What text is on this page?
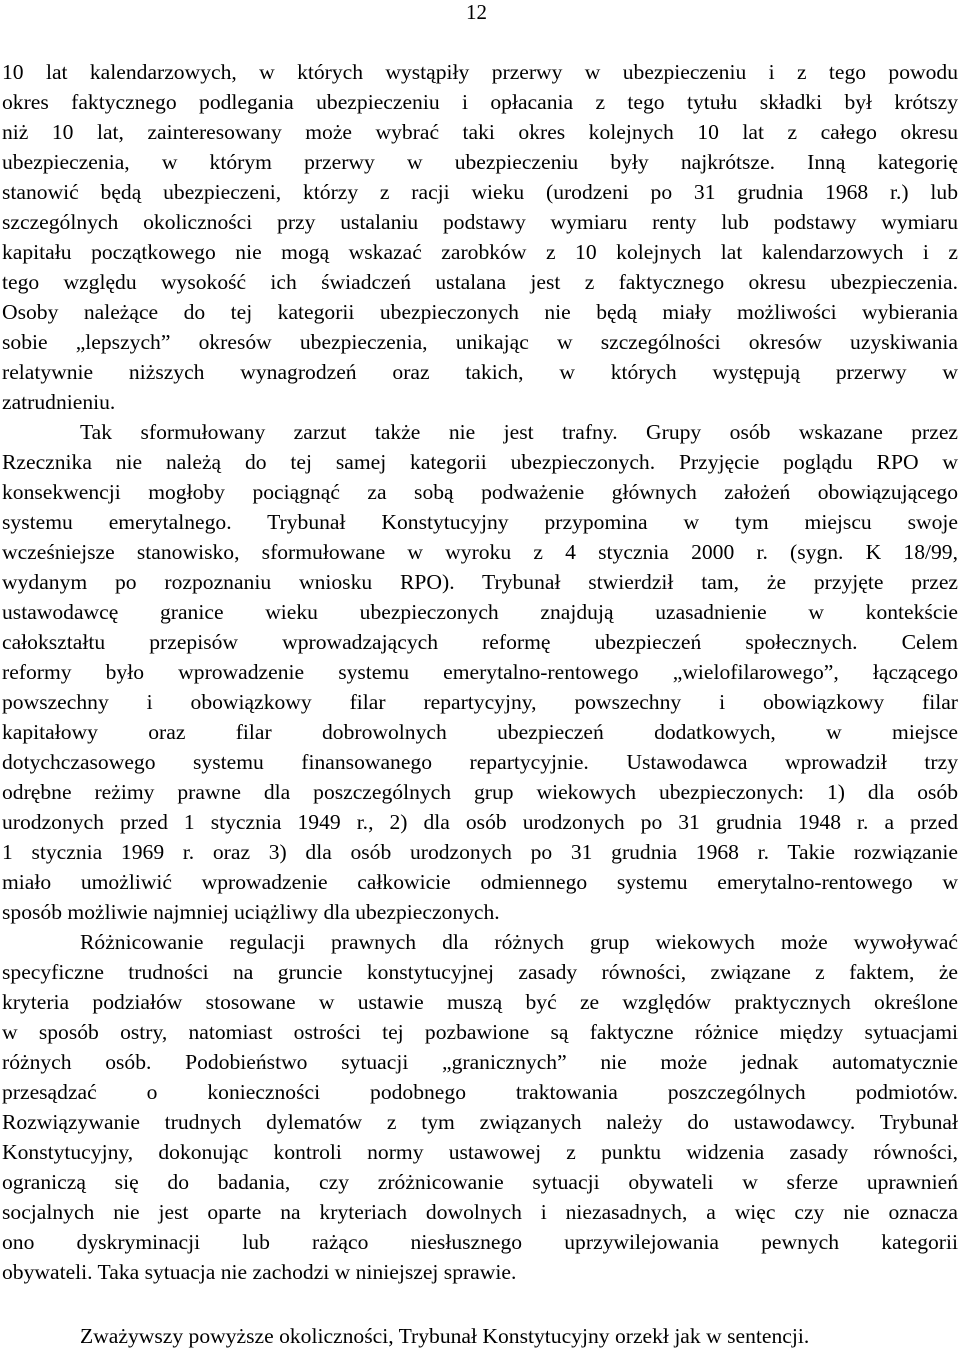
12
10 lat kalendarzowych, w których wystąpiły przerwy w ubezpieczeniu i z tego powodu
okres faktycznego podlegania ubezpieczeniu i opłacania z tego tytułu składki był krótszy
niż 10 lat, zainteresowany może wybrać taki okres kolejnych 10 lat z całego okresu
ubezpieczenia, w którym przerwy w ubezpieczeniu były najkrótsze. Inną kategorię
stanowić będą ubezpieczeni, którzy z racji wieku (urodzeni po 31 grudnia 1968 r.) lub
szczególnych okoliczności przy ustalaniu podstawy wymiaru renty lub podstawy wymiaru
kapitału początkowego nie mogą wskazać zarobków z 10 kolejnych lat kalendarzowych i z
tego względu wysokość ich świadczeń ustalana jest z faktycznego okresu ubezpieczenia.
Osoby należące do tej kategorii ubezpieczonych nie będą miały możliwości wybierania
sobie „lepszych” okresów ubezpieczenia, unikając w szczególności okresów uzyskiwania
relatywnie niższych wynagrodzeń oraz takich, w których występują przerwy w
zatrudnieniu.
Tak sformułowany zarzut także nie jest trafny. Grupy osób wskazane przez
Rzecznika nie należą do tej samej kategorii ubezpieczonych. Przyjęcie poglądu RPO w
konsekwencji mogłoby pociągnąć za sobą podważenie głównych założeń obowiązującego
systemu emerytalnego. Trybunał Konstytucyjny przypomina w tym miejscu swoje
wcześniejsze stanowisko, sformułowane w wyroku z 4 stycznia 2000 r. (sygn. K 18/99,
wydanym po rozpoznaniu wniosku RPO). Trybunał stwierdził tam, że przyjęte przez
ustawodawcę granice wieku ubezpieczonych znajdują uzasadnienie w kontekście
całokształtu przepisów wprowadzających reformę ubezpieczeń społecznych. Celem
reformy było wprowadzenie systemu emerytalno-rentowego „wielofilarowego”, łączącego
powszechny i obowiązkowy filar repartycyjny, powszechny i obowiązkowy filar
kapitałowy oraz filar dobrowolnych ubezpieczeń dodatkowych, w miejsce
dotychczasowego systemu finansowanego repartycyjnie. Ustawodawca wprowadził trzy
odrębne reżimy prawne dla poszczególnych grup wiekowych ubezpieczonych: 1) dla osób
urodzonych przed 1 stycznia 1949 r., 2) dla osób urodzonych po 31 grudnia 1948 r. a przed
1 stycznia 1969 r. oraz 3) dla osób urodzonych po 31 grudnia 1968 r. Takie rozwiązanie
miało umożliwić wprowadzenie całkowicie odmiennego systemu emerytalno-rentowego w
sposób możliwie najmniej uciążliwy dla ubezpieczonych.
Różnicowanie regulacji prawnych dla różnych grup wiekowych może wywoływać
specyficzne trudności na gruncie konstytucyjnej zasady równości, związane z faktem, że
kryteria podziałów stosowane w ustawie muszą być ze względów praktycznych określone
w sposób ostry, natomiast ostrości tej pozbawione są faktyczne różnice między sytuacjami
różnych osób. Podobieństwo sytuacji „granicznych” nie może jednak automatycznie
przesądzać o konieczności podobnego traktowania poszczególnych podmiotów.
Rozwiązywanie trudnych dylematów z tym związanych należy do ustawodawcy. Trybunał
Konstytucyjny, dokonując kontroli normy ustawowej z punktu widzenia zasady równości,
ograniczą się do badania, czy zróżnicowanie sytuacji obywateli w sferze uprawnień
socjalnych nie jest oparte na kryteriach dowolnych i niezasadnych, a więc czy nie oznacza
ono dyskryminacji lub rażąco niesłusznego uprzywilejowania pewnych kategorii
obywateli. Taka sytuacja nie zachodzi w niniejszej sprawie.
Zważywszy powyższe okoliczności, Trybunał Konstytucyjny orzekł jak w sentencji.
